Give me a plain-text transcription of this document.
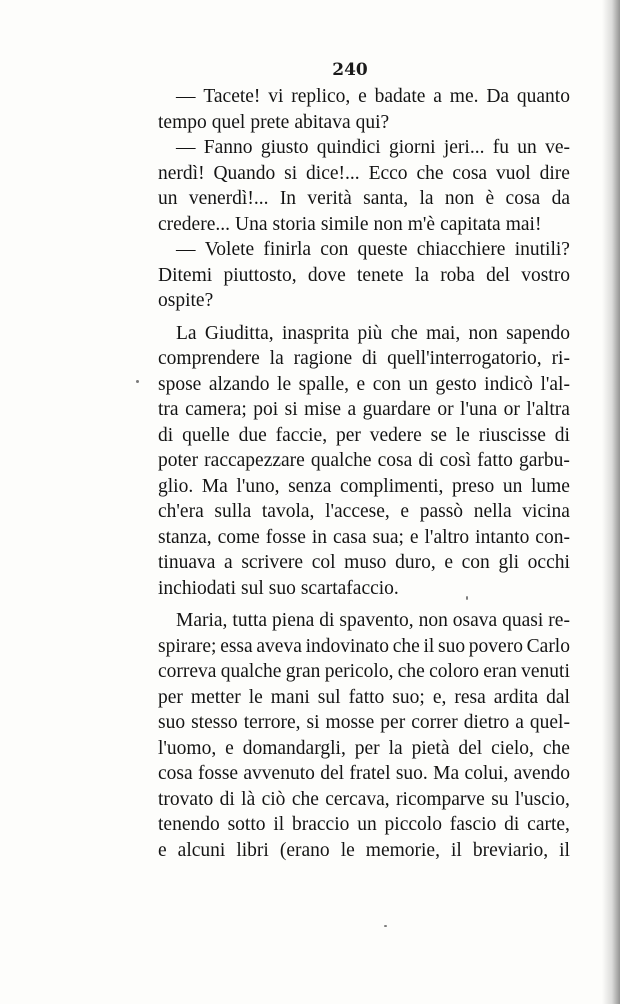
240
— Tacete! vi replico, e badate a me. Da quanto
tempo quel prete abitava qui?
— Fanno giusto quindici giorni jeri... fu un ve-
nerdì! Quando si dice!... Ecco che cosa vuol dire
un venerdì!... In verità santa, la non è cosa da
credere... Una storia simile non m'è capitata mai!
— Volete finirla con queste chiacchiere inutili?
Ditemi piuttosto, dove tenete la roba del vostro
ospite?
La Giuditta, inasprita più che mai, non sapendo
comprendere la ragione di quell'interrogatorio, ri-
spose alzando le spalle, e con un gesto indicò l'al-
tra camera; poi si mise a guardare or l'una or l'altra
di quelle due faccie, per vedere se le riuscisse di
poter raccapezzare qualche cosa di così fatto garbu-
glio. Ma l'uno, senza complimenti, preso un lume
ch'era sulla tavola, l'accese, e passò nella vicina
stanza, come fosse in casa sua; e l'altro intanto con-
tinuava a scrivere col muso duro, e con gli occhi
inchiodati sul suo scartafaccio.
Maria, tutta piena di spavento, non osava quasi re-
spirare; essa aveva indovinato che il suo povero Carlo
correva qualche gran pericolo, che coloro eran venuti
per metter le mani sul fatto suo; e, resa ardita dal
suo stesso terrore, si mosse per correr dietro a quel-
l'uomo, e domandargli, per la pietà del cielo, che
cosa fosse avvenuto del fratel suo. Ma colui, avendo
trovato di là ciò che cercava, ricomparve su l'uscio,
tenendo sotto il braccio un piccolo fascio di carte,
e alcuni libri (erano le memorie, il breviario, il
